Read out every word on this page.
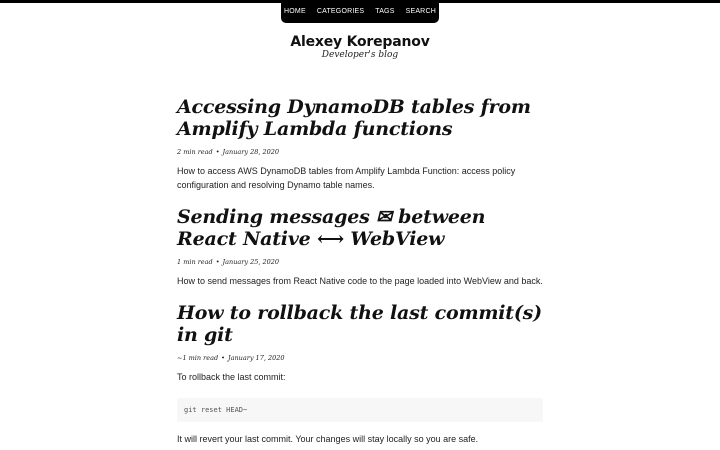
HOME CATEGORIES TAGS SEARCH
Alexey Korepanov
Developer's blog
Accessing DynamoDB tables from Amplify Lambda functions
2 min read • January 28, 2020
How to access AWS DynamoDB tables from Amplify Lambda Function: access policy configuration and resolving Dynamo table names.
Sending messages ✉ between React Native ⟷ WebView
1 min read • January 25, 2020
How to send messages from React Native code to the page loaded into WebView and back.
How to rollback the last commit(s) in git
~1 min read • January 17, 2020
To rollback the last commit:
git reset HEAD~
It will revert your last commit. Your changes will stay locally so you are safe.
